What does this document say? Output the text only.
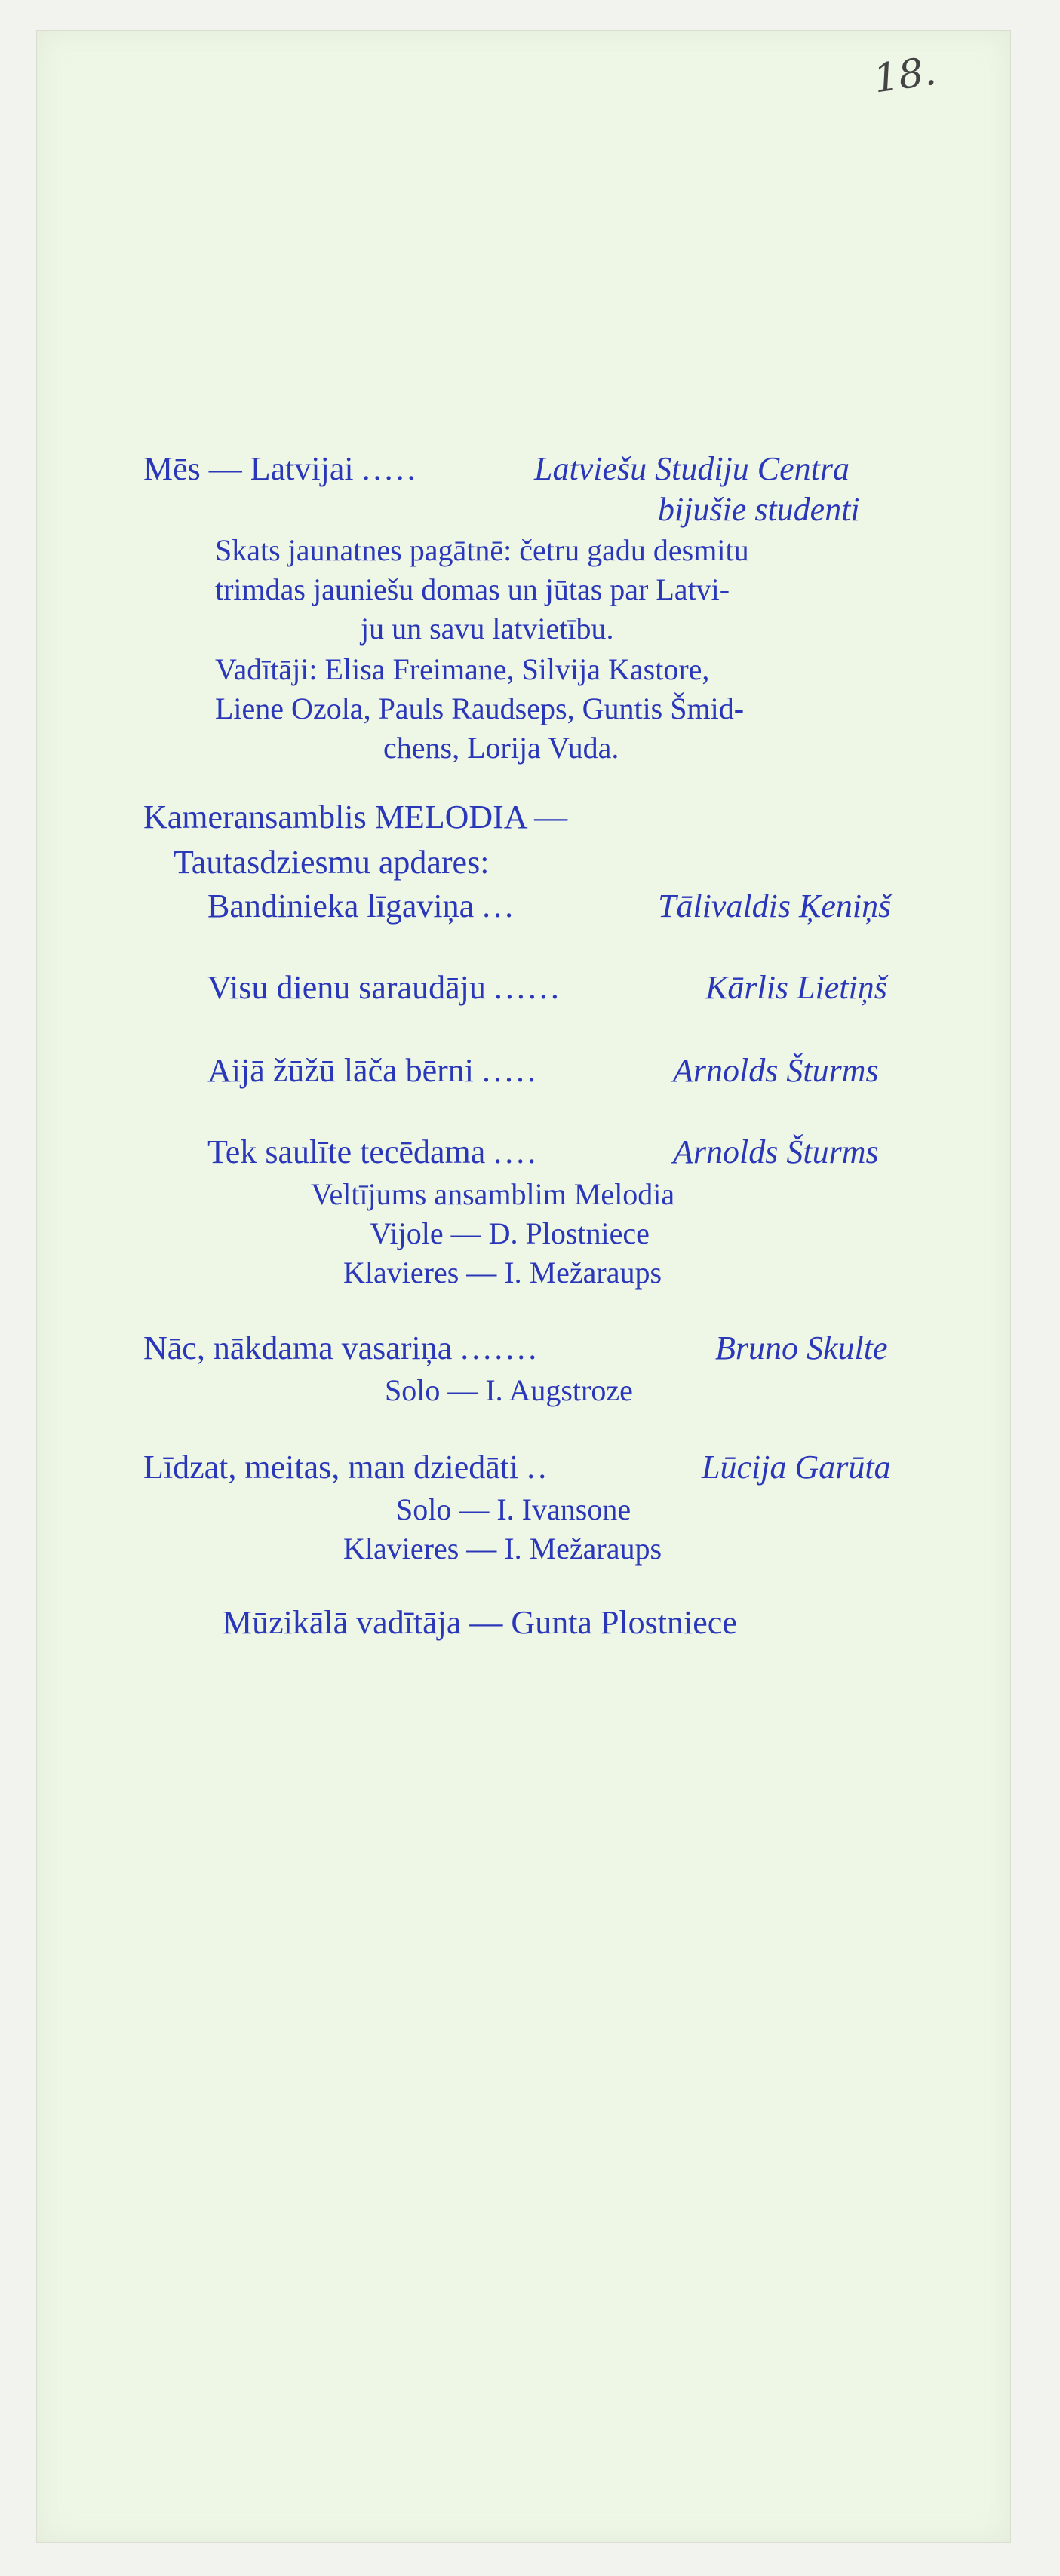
18.
Mēs — Latvijai .....	Latviešu Studiju Centra
bijušie studenti
Skats jaunatnes pagātnē: četru gadu desmitu
trimdas jauniešu domas un jūtas par Latvi-
ju un savu latvietību.
Vadītāji: Elisa Freimane, Silvija Kastore,
Liene Ozola, Pauls Raudseps, Guntis Šmid-
chens, Lorija Vuda.
Kameransamblis MELODIA —
Tautasdziesmu apdares:
Bandinieka līgaviņa ...	Tālivaldis Ķeniņš
Visu dienu saraudāju ......	Kārlis Lietiņš
Aijā žūžū lāča bērni .....	Arnolds Šturms
Tek saulīte tecēdama ....	Arnolds Šturms
Veltījums ansamblim Melodia
Vijole — D. Plostniece
Klavieres — I. Mežaraups
Nāc, nākdama vasariņa .......	Bruno Skulte
Solo — I. Augstroze
Līdzat, meitas, man dziedāti ..	Lūcija Garūta
Solo — I. Ivansone
Klavieres — I. Mežaraups
Mūzikālā vadītāja — Gunta Plostniece
